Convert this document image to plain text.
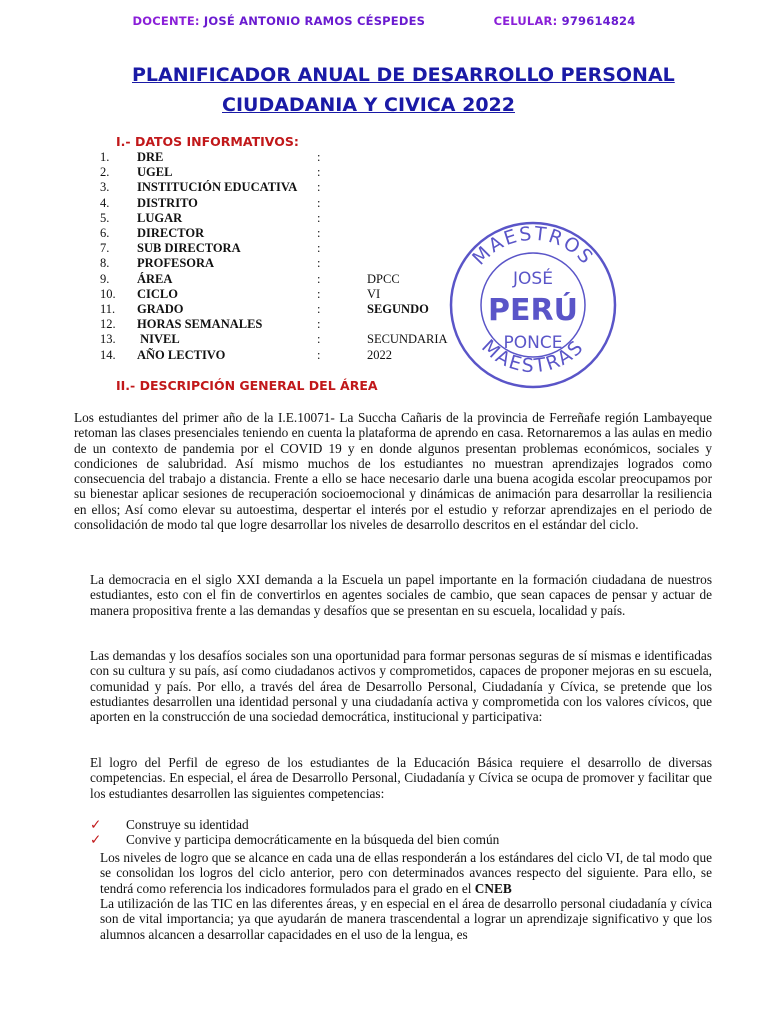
DOCENTE: JOSÉ ANTONIO RAMOS CÉSPEDES	CELULAR: 979614824
PLANIFICADOR ANUAL DE DESARROLLO PERSONAL
CIUDADANIA Y CIVICA 2022
I.- DATOS INFORMATIVOS:
1.	DRE	:
2.	UGEL	:
3.	INSTITUCIÓN EDUCATIVA	:
4.	DISTRITO	:
5.	LUGAR	:
6.	DIRECTOR	:
7.	SUB DIRECTORA	:
8.	PROFESORA	:
9.	ÁREA	:	DPCC
10.	CICLO	:	VI
11.	GRADO	:	SEGUNDO
12.	HORAS SEMANALES	:
13.	NIVEL	:	SECUNDARIA
14.	AÑO LECTIVO	:	2022
MAESTROS
MAESTRAS
JOSÉ
PERÚ
PONCE
II.- DESCRIPCIÓN GENERAL DEL ÁREA

Los estudiantes del primer año de la I.E.10071- La Succha Cañaris de la provincia de Ferreñafe región Lambayeque retoman las clases presenciales teniendo en cuenta la plataforma de aprendo en casa. Retornaremos a las aulas en medio de un contexto de pandemia por el COVID 19 y en donde algunos presentan problemas económicos, sociales y condiciones de salubridad. Así mismo muchos de los estudiantes no muestran aprendizajes logrados como consecuencia del trabajo a distancia. Frente a ello se hace necesario darle una buena acogida escolar preocupamos por su bienestar aplicar sesiones de recuperación socioemocional y dinámicas de animación para desarrollar la resiliencia en ellos; Así como elevar su autoestima, despertar el interés por el estudio y reforzar aprendizajes en el periodo de consolidación de modo tal que logre desarrollar los niveles de desarrollo descritos en el estándar del ciclo.

La democracia en el siglo XXI demanda a la Escuela un papel importante en la formación ciudadana de nuestros estudiantes, esto con el fin de convertirlos en agentes sociales de cambio, que sean capaces de pensar y actuar de manera propositiva frente a las demandas y desafíos que se presentan en su escuela, localidad y país.

Las demandas y los desafíos sociales son una oportunidad para formar personas seguras de sí mismas e identificadas con su cultura y su país, así como ciudadanos activos y comprometidos, capaces de proponer mejoras en su escuela, comunidad y país. Por ello, a través del área de Desarrollo Personal, Ciudadanía y Cívica, se pretende que los estudiantes desarrollen una identidad personal y una ciudadanía activa y comprometida con los valores cívicos, que aporten en la construcción de una sociedad democrática, institucional y participativa:

El logro del Perfil de egreso de los estudiantes de la Educación Básica requiere el desarrollo de diversas competencias. En especial, el área de Desarrollo Personal, Ciudadanía y Cívica se ocupa de promover y facilitar que los estudiantes desarrollen las siguientes competencias:

✓ Construye su identidad
✓ Convive y participa democráticamente en la búsqueda del bien común

Los niveles de logro que se alcance en cada una de ellas responderán a los estándares del ciclo VI, de tal modo que se consolidan los logros del ciclo anterior, pero con determinados avances respecto del siguiente. Para ello, se tendrá como referencia los indicadores formulados para el grado en el CNEB

La utilización de las TIC en las diferentes áreas, y en especial en el área de desarrollo personal ciudadanía y cívica son de vital importancia; ya que ayudarán de manera trascendental a lograr un aprendizaje significativo y que los alumnos alcancen a desarrollar capacidades en el uso de la lengua, es
